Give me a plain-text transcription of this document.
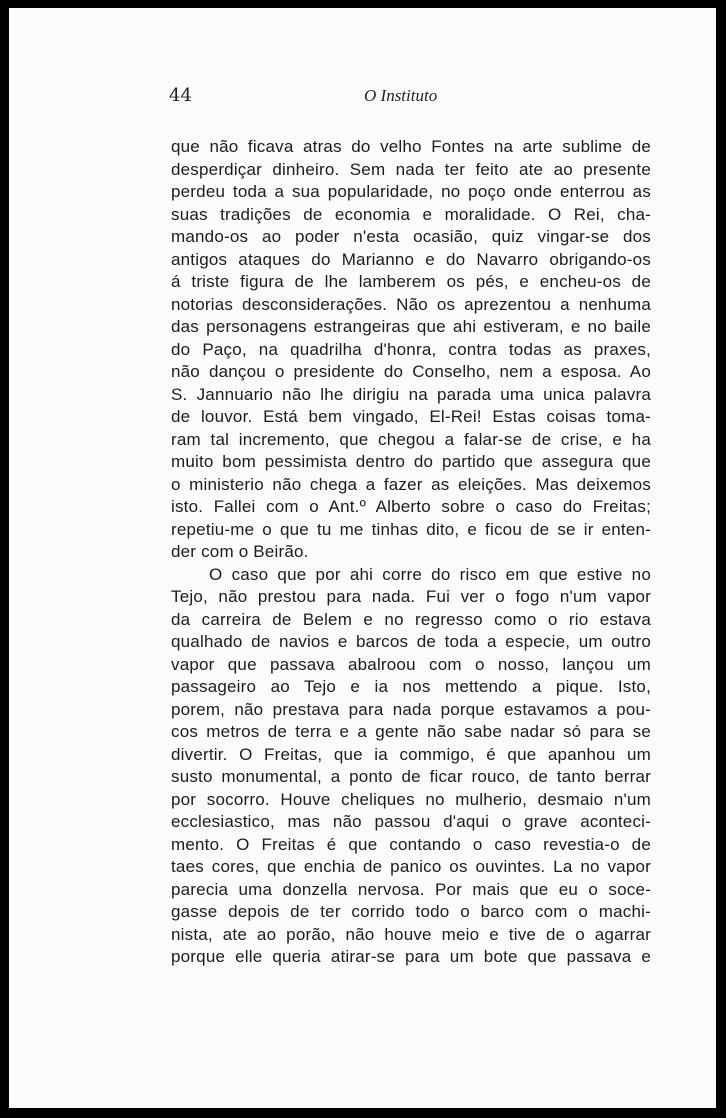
44	O Instituto

que não ficava atras do velho Fontes na arte sublime de
desperdiçar dinheiro. Sem nada ter feito ate ao presente
perdeu toda a sua popularidade, no poço onde enterrou as
suas tradições de economia e moralidade. O Rei, cha-
mando-os ao poder n'esta ocasião, quiz vingar-se dos
antigos ataques do Marianno e do Navarro obrigando-os
á triste figura de lhe lamberem os pés, e encheu-os de
notorias desconsiderações. Não os aprezentou a nenhuma
das personagens estrangeiras que ahi estiveram, e no baile
do Paço, na quadrilha d'honra, contra todas as praxes,
não dançou o presidente do Conselho, nem a esposa. Ao
S. Jannuario não lhe dirigiu na parada uma unica palavra
de louvor. Está bem vingado, El-Rei! Estas coisas toma-
ram tal incremento, que chegou a falar-se de crise, e ha
muito bom pessimista dentro do partido que assegura que
o ministerio não chega a fazer as eleições. Mas deixemos
isto. Fallei com o Ant.º Alberto sobre o caso do Freitas;
repetiu-me o que tu me tinhas dito, e ficou de se ir enten-
der com o Beirão.

O caso que por ahi corre do risco em que estive no
Tejo, não prestou para nada. Fui ver o fogo n'um vapor
da carreira de Belem e no regresso como o rio estava
qualhado de navios e barcos de toda a especie, um outro
vapor que passava abalroou com o nosso, lançou um
passageiro ao Tejo e ia nos mettendo a pique. Isto,
porem, não prestava para nada porque estavamos a pou-
cos metros de terra e a gente não sabe nadar só para se
divertir. O Freitas, que ia commigo, é que apanhou um
susto monumental, a ponto de ficar rouco, de tanto berrar
por socorro. Houve cheliques no mulherio, desmaio n'um
ecclesiastico, mas não passou d'aqui o grave aconteci-
mento. O Freitas é que contando o caso revestia-o de
taes cores, que enchia de panico os ouvintes. La no vapor
parecia uma donzella nervosa. Por mais que eu o soce-
gasse depois de ter corrido todo o barco com o machi-
nista, ate ao porão, não houve meio e tive de o agarrar
porque elle queria atirar-se para um bote que passava e
